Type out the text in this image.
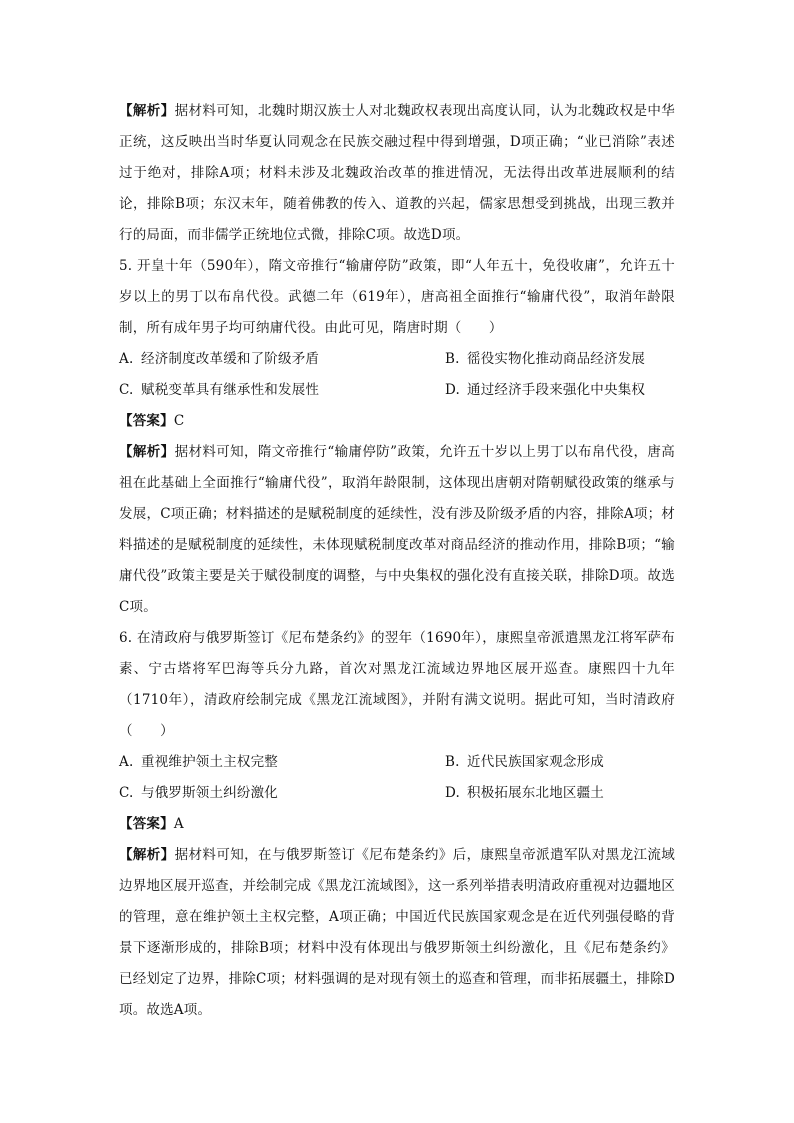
【解析】据材料可知，北魏时期汉族士人对北魏政权表现出高度认同，认为北魏政权是中华正统，这反映出当时华夏认同观念在民族交融过程中得到增强，D项正确；“业已消除”表述过于绝对，排除A项；材料未涉及北魏政治改革的推进情况，无法得出改革进展顺利的结论，排除B项；东汉末年，随着佛教的传入、道教的兴起，儒家思想受到挑战，出现三教并行的局面，而非儒学正统地位式微，排除C项。故选D项。

5. 开皇十年（590年），隋文帝推行“输庸停防”政策，即“人年五十，免役收庸”，允许五十岁以上的男丁以布帛代役。武德二年（619年），唐高祖全面推行“输庸代役”，取消年龄限制，所有成年男子均可纳庸代役。由此可见，隋唐时期（　　）

A. 经济制度改革缓和了阶级矛盾	B. 徭役实物化推动商品经济发展
C. 赋税变革具有继承性和发展性	D. 通过经济手段来强化中央集权

【答案】C

【解析】据材料可知，隋文帝推行“输庸停防”政策，允许五十岁以上男丁以布帛代役，唐高祖在此基础上全面推行“输庸代役”，取消年龄限制，这体现出唐朝对隋朝赋役政策的继承与发展，C项正确；材料描述的是赋税制度的延续性，没有涉及阶级矛盾的内容，排除A项；材料描述的是赋税制度的延续性，未体现赋税制度改革对商品经济的推动作用，排除B项；“输庸代役”政策主要是关于赋役制度的调整，与中央集权的强化没有直接关联，排除D项。故选C项。

6. 在清政府与俄罗斯签订《尼布楚条约》的翌年（1690年），康熙皇帝派遣黑龙江将军萨布素、宁古塔将军巴海等兵分九路，首次对黑龙江流域边界地区展开巡查。康熙四十九年（1710年），清政府绘制完成《黑龙江流域图》，并附有满文说明。据此可知，当时清政府（　　）

A. 重视维护领土主权完整	B. 近代民族国家观念形成
C. 与俄罗斯领土纠纷激化	D. 积极拓展东北地区疆土

【答案】A

【解析】据材料可知，在与俄罗斯签订《尼布楚条约》后，康熙皇帝派遣军队对黑龙江流域边界地区展开巡查，并绘制完成《黑龙江流域图》，这一系列举措表明清政府重视对边疆地区的管理，意在维护领土主权完整，A项正确；中国近代民族国家观念是在近代列强侵略的背景下逐渐形成的，排除B项；材料中没有体现出与俄罗斯领土纠纷激化，且《尼布楚条约》已经划定了边界，排除C项；材料强调的是对现有领土的巡查和管理，而非拓展疆土，排除D项。故选A项。
